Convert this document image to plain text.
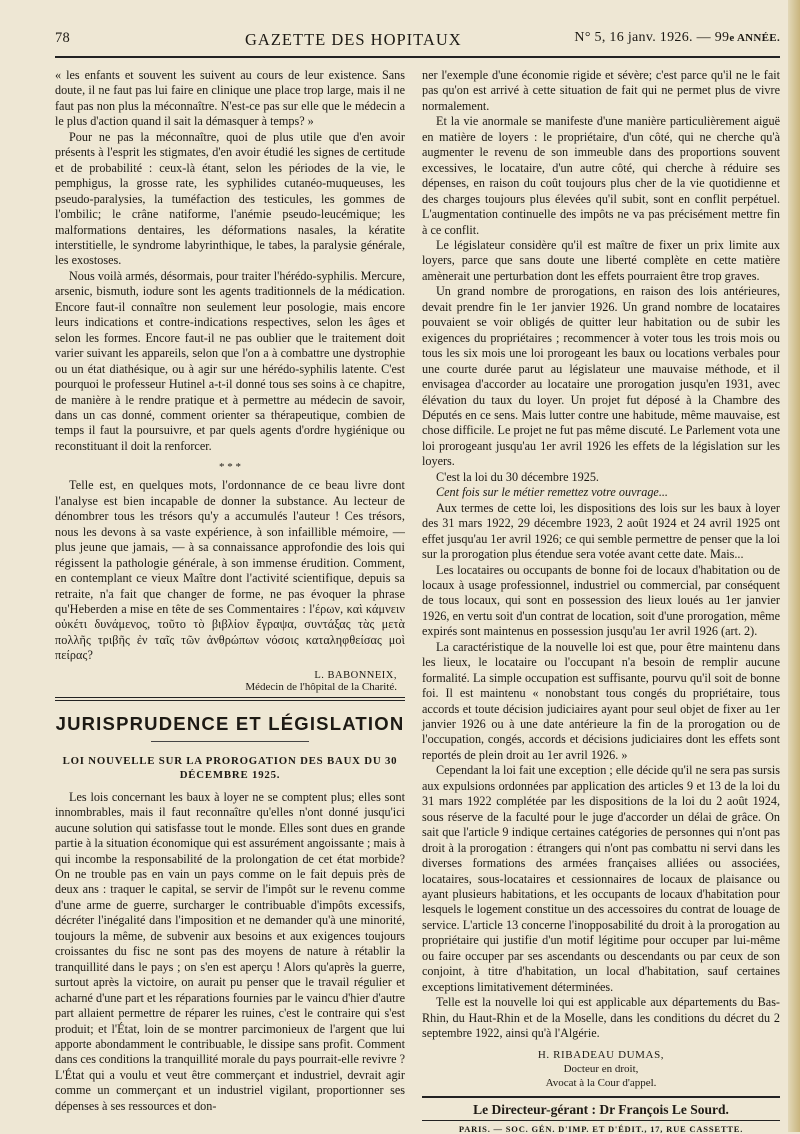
78	GAZETTE DES HOPITAUX	N° 5, 16 janv. 1926. — 99e ANNÉE.

« les enfants et souvent les suivent au cours de leur existence. Sans doute, il ne faut pas lui faire en clinique une place trop large, mais il ne faut pas non plus la méconnaître. N'est-ce pas sur elle que le médecin a le plus d'action quand il sait la démasquer à temps? »

Pour ne pas la méconnaître, quoi de plus utile que d'en avoir présents à l'esprit les stigmates, d'en avoir étudié les signes de certitude et de probabilité : ceux-là étant, selon les périodes de la vie, le pemphigus, la grosse rate, les syphilides cutanéo-muqueuses, les pseudo-paralysies, la tuméfaction des testicules, les gommes de l'ombilic; le crâne natiforme, l'anémie pseudo-leucémique; les malformations dentaires, les déformations nasales, la kératite interstitielle, le syndrome labyrinthique, le tabes, la paralysie générale, les exostoses.

Nous voilà armés, désormais, pour traiter l'hérédo-syphilis. Mercure, arsenic, bismuth, iodure sont les agents traditionnels de la médication. Encore faut-il connaître non seulement leur posologie, mais encore leurs indications et contre-indications respectives, selon les âges et selon les formes. Encore faut-il ne pas oublier que le traitement doit varier suivant les appareils, selon que l'on a à combattre une dystrophie ou un état diathésique, ou à agir sur une hérédo-syphilis latente. C'est pourquoi le professeur Hutinel a-t-il donné tous ses soins à ce chapitre, de manière à le rendre pratique et à permettre au médecin de savoir, dans un cas donné, comment orienter sa thérapeutique, combien de temps il faut la poursuivre, et par quels agents d'ordre hygiénique ou reconstituant il doit la renforcer.

* * *

Telle est, en quelques mots, l'ordonnance de ce beau livre dont l'analyse est bien incapable de donner la substance. Au lecteur de dénombrer tous les trésors qu'y a accumulés l'auteur ! Ces trésors, nous les devons à sa vaste expérience, à son infaillible mémoire, — plus jeune que jamais, — à sa connaissance approfondie des lois qui régissent la pathologie générale, à son immense érudition. Comment, en contemplant ce vieux Maître dont l'activité scientifique, depuis sa retraite, n'a fait que changer de forme, ne pas évoquer la phrase qu'Heberden a mise en tête de ses Commentaires : l'έρων, καὶ κάμνειν οὐκέτι δυνάμενος, τοῦτο τὸ βιβλίον ἔγραψα, συντάξας τὰς μετὰ πολλῆς τριβῆς ἐν ταῖς τῶν ἀνθρώπων νόσοις καταληφθείσας μοὶ πείρας?

L. BABONNEIX,
Médecin de l'hôpital de la Charité.
JURISPRUDENCE ET LÉGISLATION
LOI NOUVELLE SUR LA PROROGATION DES BAUX DU 30 DÉCEMBRE 1925.

Les lois concernant les baux à loyer ne se comptent plus; elles sont innombrables, mais il faut reconnaître qu'elles n'ont donné jusqu'ici aucune solution qui satisfasse tout le monde. Elles sont dues en grande partie à la situation économique qui est assurément angoissante ; mais à qui incombe la responsabilité de la prolongation de cet état morbide? On ne trouble pas en vain un pays comme on le fait depuis près de deux ans : traquer le capital, se servir de l'impôt sur le revenu comme d'une arme de guerre, surcharger le contribuable d'impôts excessifs, décréter l'inégalité dans l'imposition et ne demander qu'à une minorité, toujours la même, de subvenir aux besoins et aux exigences toujours croissantes du fisc ne sont pas des moyens de nature à rétablir la tranquillité dans le pays ; on s'en est aperçu ! Alors qu'après la guerre, surtout après la victoire, on aurait pu penser que le travail régulier et acharné d'une part et les réparations fournies par le vaincu d'hier d'autre part allaient permettre de réparer les ruines, c'est le contraire qui s'est produit; et l'État, loin de se montrer parcimonieux de l'argent que lui apporte abondamment le contribuable, le dissipe sans profit. Comment dans ces conditions la tranquillité morale du pays pourrait-elle revivre ? L'État qui a voulu et veut être commerçant et industriel, devrait agir comme un commerçant et un industriel vigilant, proportionner ses dépenses à ses ressources et don-

ner l'exemple d'une économie rigide et sévère; c'est parce qu'il ne le fait pas qu'on est arrivé à cette situation de fait qui ne permet plus de vivre normalement.

Et la vie anormale se manifeste d'une manière particulièrement aiguë en matière de loyers : le propriétaire, d'un côté, qui ne cherche qu'à augmenter le revenu de son immeuble dans des proportions souvent excessives, le locataire, d'un autre côté, qui cherche à réduire ses dépenses, en raison du coût toujours plus cher de la vie quotidienne et des charges toujours plus élevées qu'il subit, sont en conflit perpétuel. L'augmentation continuelle des impôts ne va pas précisément mettre fin à ce conflit.

Le législateur considère qu'il est maître de fixer un prix limite aux loyers, parce que sans doute une liberté complète en cette matière amènerait une perturbation dont les effets pourraient être trop graves.

Un grand nombre de prorogations, en raison des lois antérieures, devait prendre fin le 1er janvier 1926. Un grand nombre de locataires pouvaient se voir obligés de quitter leur habitation ou de subir les exigences du propriétaires ; recommencer à voter tous les trois mois ou tous les six mois une loi prorogeant les baux ou locations verbales pour une courte durée parut au législateur une mauvaise méthode, et il envisagea d'accorder au locataire une prorogation jusqu'en 1931, avec élévation du taux du loyer. Un projet fut déposé à la Chambre des Députés en ce sens. Mais lutter contre une habitude, même mauvaise, est chose difficile. Le projet ne fut pas même discuté. Le Parlement vota une loi prorogeant jusqu'au 1er avril 1926 les effets de la législation sur les loyers.

C'est la loi du 30 décembre 1925.

Cent fois sur le métier remettez votre ouvrage...

Aux termes de cette loi, les dispositions des lois sur les baux à loyer des 31 mars 1922, 29 décembre 1923, 2 août 1924 et 24 avril 1925 ont effet jusqu'au 1er avril 1926; ce qui semble permettre de penser que la loi sur la prorogation plus étendue sera votée avant cette date. Mais...

Les locataires ou occupants de bonne foi de locaux d'habitation ou de locaux à usage professionnel, industriel ou commercial, par conséquent de tous locaux, qui sont en possession des lieux loués au 1er janvier 1926, en vertu soit d'un contrat de location, soit d'une prorogation, même expirés sont maintenus en possession jusqu'au 1er avril 1926 (art. 2).

La caractéristique de la nouvelle loi est que, pour être maintenu dans les lieux, le locataire ou l'occupant n'a besoin de remplir aucune formalité. La simple occupation est suffisante, pourvu qu'il soit de bonne foi. Il est maintenu « nonobstant tous congés du propriétaire, tous accords et toute décision judiciaires ayant pour seul objet de fixer au 1er janvier 1926 ou à une date antérieure la fin de la prorogation ou de l'occupation, congés, accords et décisions judiciaires dont les effets sont reportés de plein droit au 1er avril 1926. »

Cependant la loi fait une exception ; elle décide qu'il ne sera pas sursis aux expulsions ordonnées par application des articles 9 et 13 de la loi du 31 mars 1922 complétée par les dispositions de la loi du 2 août 1924, sous réserve de la faculté pour le juge d'accorder un délai de grâce. On sait que l'article 9 indique certaines catégories de personnes qui n'ont pas droit à la prorogation : étrangers qui n'ont pas combattu ni servi dans les diverses formations des armées françaises alliées ou associées, locataires, sous-locataires et cessionnaires de locaux de plaisance ou ayant plusieurs habitations, et les occupants de locaux d'habitation pour lesquels le logement constitue un des accessoires du contrat de louage de service. L'article 13 concerne l'inopposabilité du droit à la prorogation au propriétaire qui justifie d'un motif légitime pour occuper par lui-même ou faire occuper par ses ascendants ou descendants ou par ceux de son conjoint, à titre d'habitation, un local d'habitation, sauf certaines exceptions limitativement déterminées.

Telle est la nouvelle loi qui est applicable aux départements du Bas-Rhin, du Haut-Rhin et de la Moselle, dans les conditions du décret du 2 septembre 1922, ainsi qu'à l'Algérie.

H. RIBADEAU DUMAS,
Docteur en droit,
Avocat à la Cour d'appel.
Le Directeur-gérant : Dr François Le Sourd.
PARIS. — SOC. GÉN. D'IMP. ET D'ÉDIT., 17, RUE CASSETTE.
